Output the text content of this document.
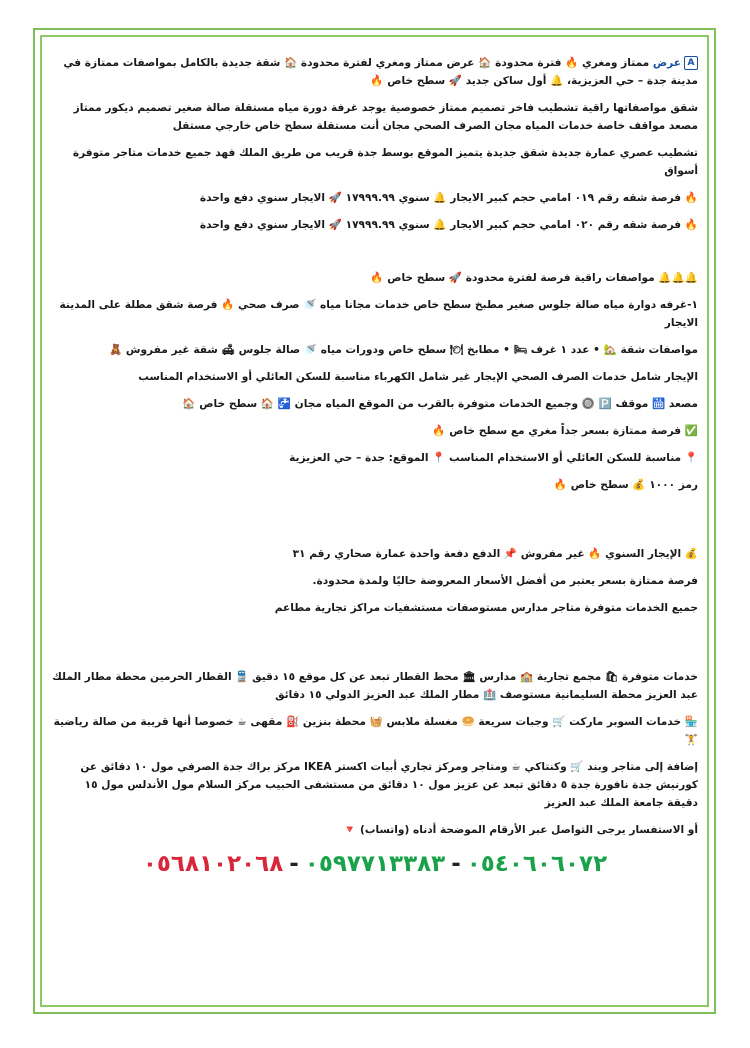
Aعرض ممتاز ومغري 🔥 فترة محدودة 🏠 عرض ممتاز ومغري لفترة محدودة 🏠 شقة جديدة بالكامل بمواصفات ممتازة في مدينة جدة – حي العزيزية، 🔔 أول ساكن جديد 🚀 سطح خاص 🔥

شقق مواصفاتها راقية تشطيب فاخر تصميم ممتاز خصوصية يوجد غرفة دورة مياه مستقلة صالة صغير تصميم ديكور ممتاز مصعد مواقف خاصة خدمات المياه مجان الصرف الصحي مجان أنت مستقلة سطح خاص خارجي مستقل

تشطيب عصري عمارة جديدة شقق جديدة يتميز الموقع بوسط جدة قريب من طريق الملك فهد جميع خدمات متاجر متوفرة أسواق

🔥 فرصة شقه رقم ٠١٩ امامي حجم كبير الايجار 🔔 سنوي ١٧٩٩٩.٩٩ 🚀 الايجار سنوي دفع واحدة

🔥 فرصة شقه رقم ٠٢٠ امامي حجم كبير الايجار 🔔 سنوي ١٧٩٩٩.٩٩ 🚀 الايجار سنوي دفع واحدة

🔔🔔🔔 مواصفات راقية فرصة لفترة محدودة 🚀 سطح خاص 🔥

١-غرفه دوارة مياه صالة جلوس صغير مطبخ سطح خاص خدمات مجانا مياه 🚿 صرف صحي 🔥 فرصة شقق مطلة على المدينة الايجار

مواصفات شقة 🏡 • عدد ١ غرف 🛏 • مطابخ 🍽 سطح خاص ودورات مياه 🚿 صالة جلوس 🛋 شقة غير مفروش 🧸

الإيجار شامل خدمات الصرف الصحي الإيجار غير شامل الكهرباء مناسبة للسكن العائلي أو الاستخدام المناسب

مصعد 🛗 موقف 🅿️ 🔘 وجميع الخدمات متوفرة بالقرب من الموقع المياه مجان 🚰 🏠 سطح خاص 🏠

✅ فرصة ممتازة بسعر جداً مغري مع سطح خاص 🔥

📍 مناسبة للسكن العائلي أو الاستخدام المناسب 📍 الموقع: جدة – حي العزيزية

رمز ١٠٠٠ 💰 سطح خاص 🔥

💰 الإيجار السنوي 🔥 غير مفروش 📌 الدفع دفعة واحدة عمارة صحاري رقم ٣١

فرصة ممتازة بسعر يعتبر من أفضل الأسعار المعروضة حاليًا ولمدة محدودة.

جميع الخدمات متوفرة متاجر مدارس مستوصفات مستشفيات مراكز تجارية مطاعم

خدمات متوفرة 🛍 مجمع تجارية 🏫 مدارس 🏛 محط القطار تبعد عن كل موقع ١٥ دقيق 🚆 القطار الحرمين محطة مطار الملك عبد العزيز محطة السليمانية مستوصف 🏥 مطار الملك عبد العزيز الدولي ١٥ دقائق

🏪 خدمات السوبر ماركت 🛒 وجبات سريعة 🥯 مغسلة ملابس 🧺 محطة بنزين ⛽ مقهى ☕ خصوصا أنها قريبة من صالة رياضية 🏋

إضافة إلى متاجر وبند 🛒 وكنتاكي ☕ ومتاجر ومركز تجاري أبيات اكستر IKEA مركز براك جدة الصرفي مول ١٠ دقائق عن كورنيش جدة نافورة جدة ٥ دقائق تبعد عن عزيز مول ١٠ دقائق من مستشفى الحبيب مركز السلام مول الأندلس مول ١٥ دقيقة جامعة الملك عبد العزيز

أو الاستفسار يرجى التواصل عبر الأرقام الموضحة أدناه (واتساب) 🔻

٠٥٤٠٦٠٦٠٧٢-٠٥٩٧٧١٣٣٨٣-٠٥٦٨١٠٢٠٦٨
